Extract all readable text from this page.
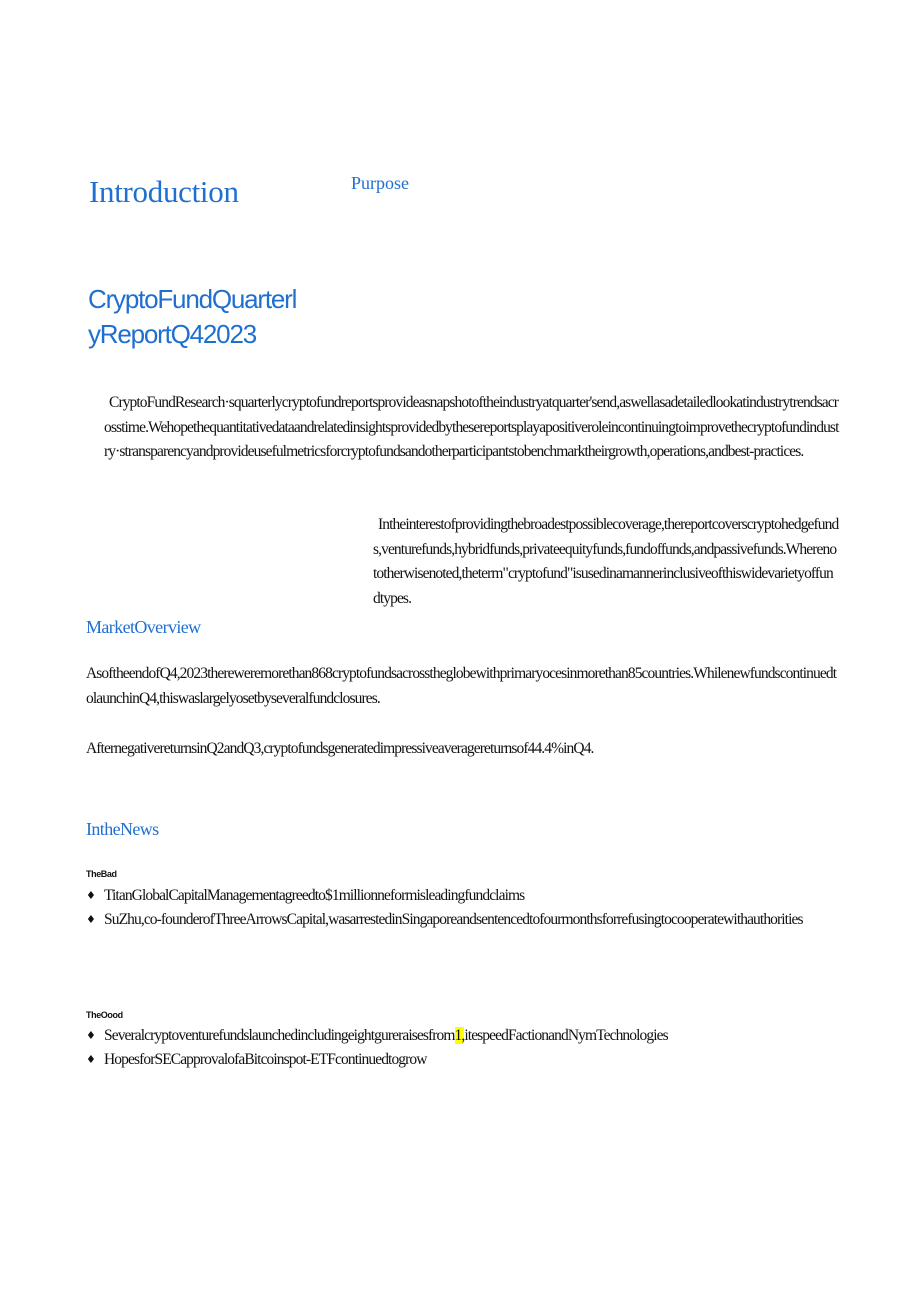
Introduction	Purpose
CryptoFundQuarterlyReportQ42023
CryptoFundResearch·squarterlycryptofundreportsprovideasnapshotoftheindustryatquarter'send,aswellasadetailedlookatindustrytrendsacrosstime.Wehopethequantitativedataandrelatedinsightsprovidedbythesereportsplayapositiveroleincontinuingtoimprovethecryptofundindustry·stransparencyandprovideusefulmetricsforcryptofundsandotherparticipantstobenchmarktheirgrowth,operations,andbest-practices.
Intheinterestofprovidingthebroadestpossiblecoverage,thereportcoverscryptohedgefunds,venturefunds,hybridfunds,privateequityfunds,fundoffunds,andpassivefunds.Wherenototherwisenoted,theterm"cryptofund"isusedinamannerinclusiveofthiswidevarietyoffundtypes.
MarketOverview
AsoftheendofQ4,2023thereweremorethan868cryptofundsacrosstheglobewithprimaryocesinmorethan85countries.WhilenewfundscontinuedtolaunchinQ4,thiswaslargelyosetbyseveralfundclosures.
AfternegativereturnsinQ2andQ3,cryptofundsgeneratedimpressiveaveragereturnsof44.4%inQ4.
IntheNews
TheBad
♦ TitanGlobalCapitalManagementagreedto$1millionneformisleadingfundclaims
♦ SuZhu,co-founderofThreeArrowsCapital,wasarrestedinSingaporeandsentencedtofourmonthsforrefusingtocooperatewithauthorities
TheOood
♦ Severalcryptoventurefundslaunchedincludingeightgureraisesfrom1,itespeedFactionandNymTechnologies
♦ HopesforSECapprovalofaBitcoinspot-ETFcontinuedtogrow
